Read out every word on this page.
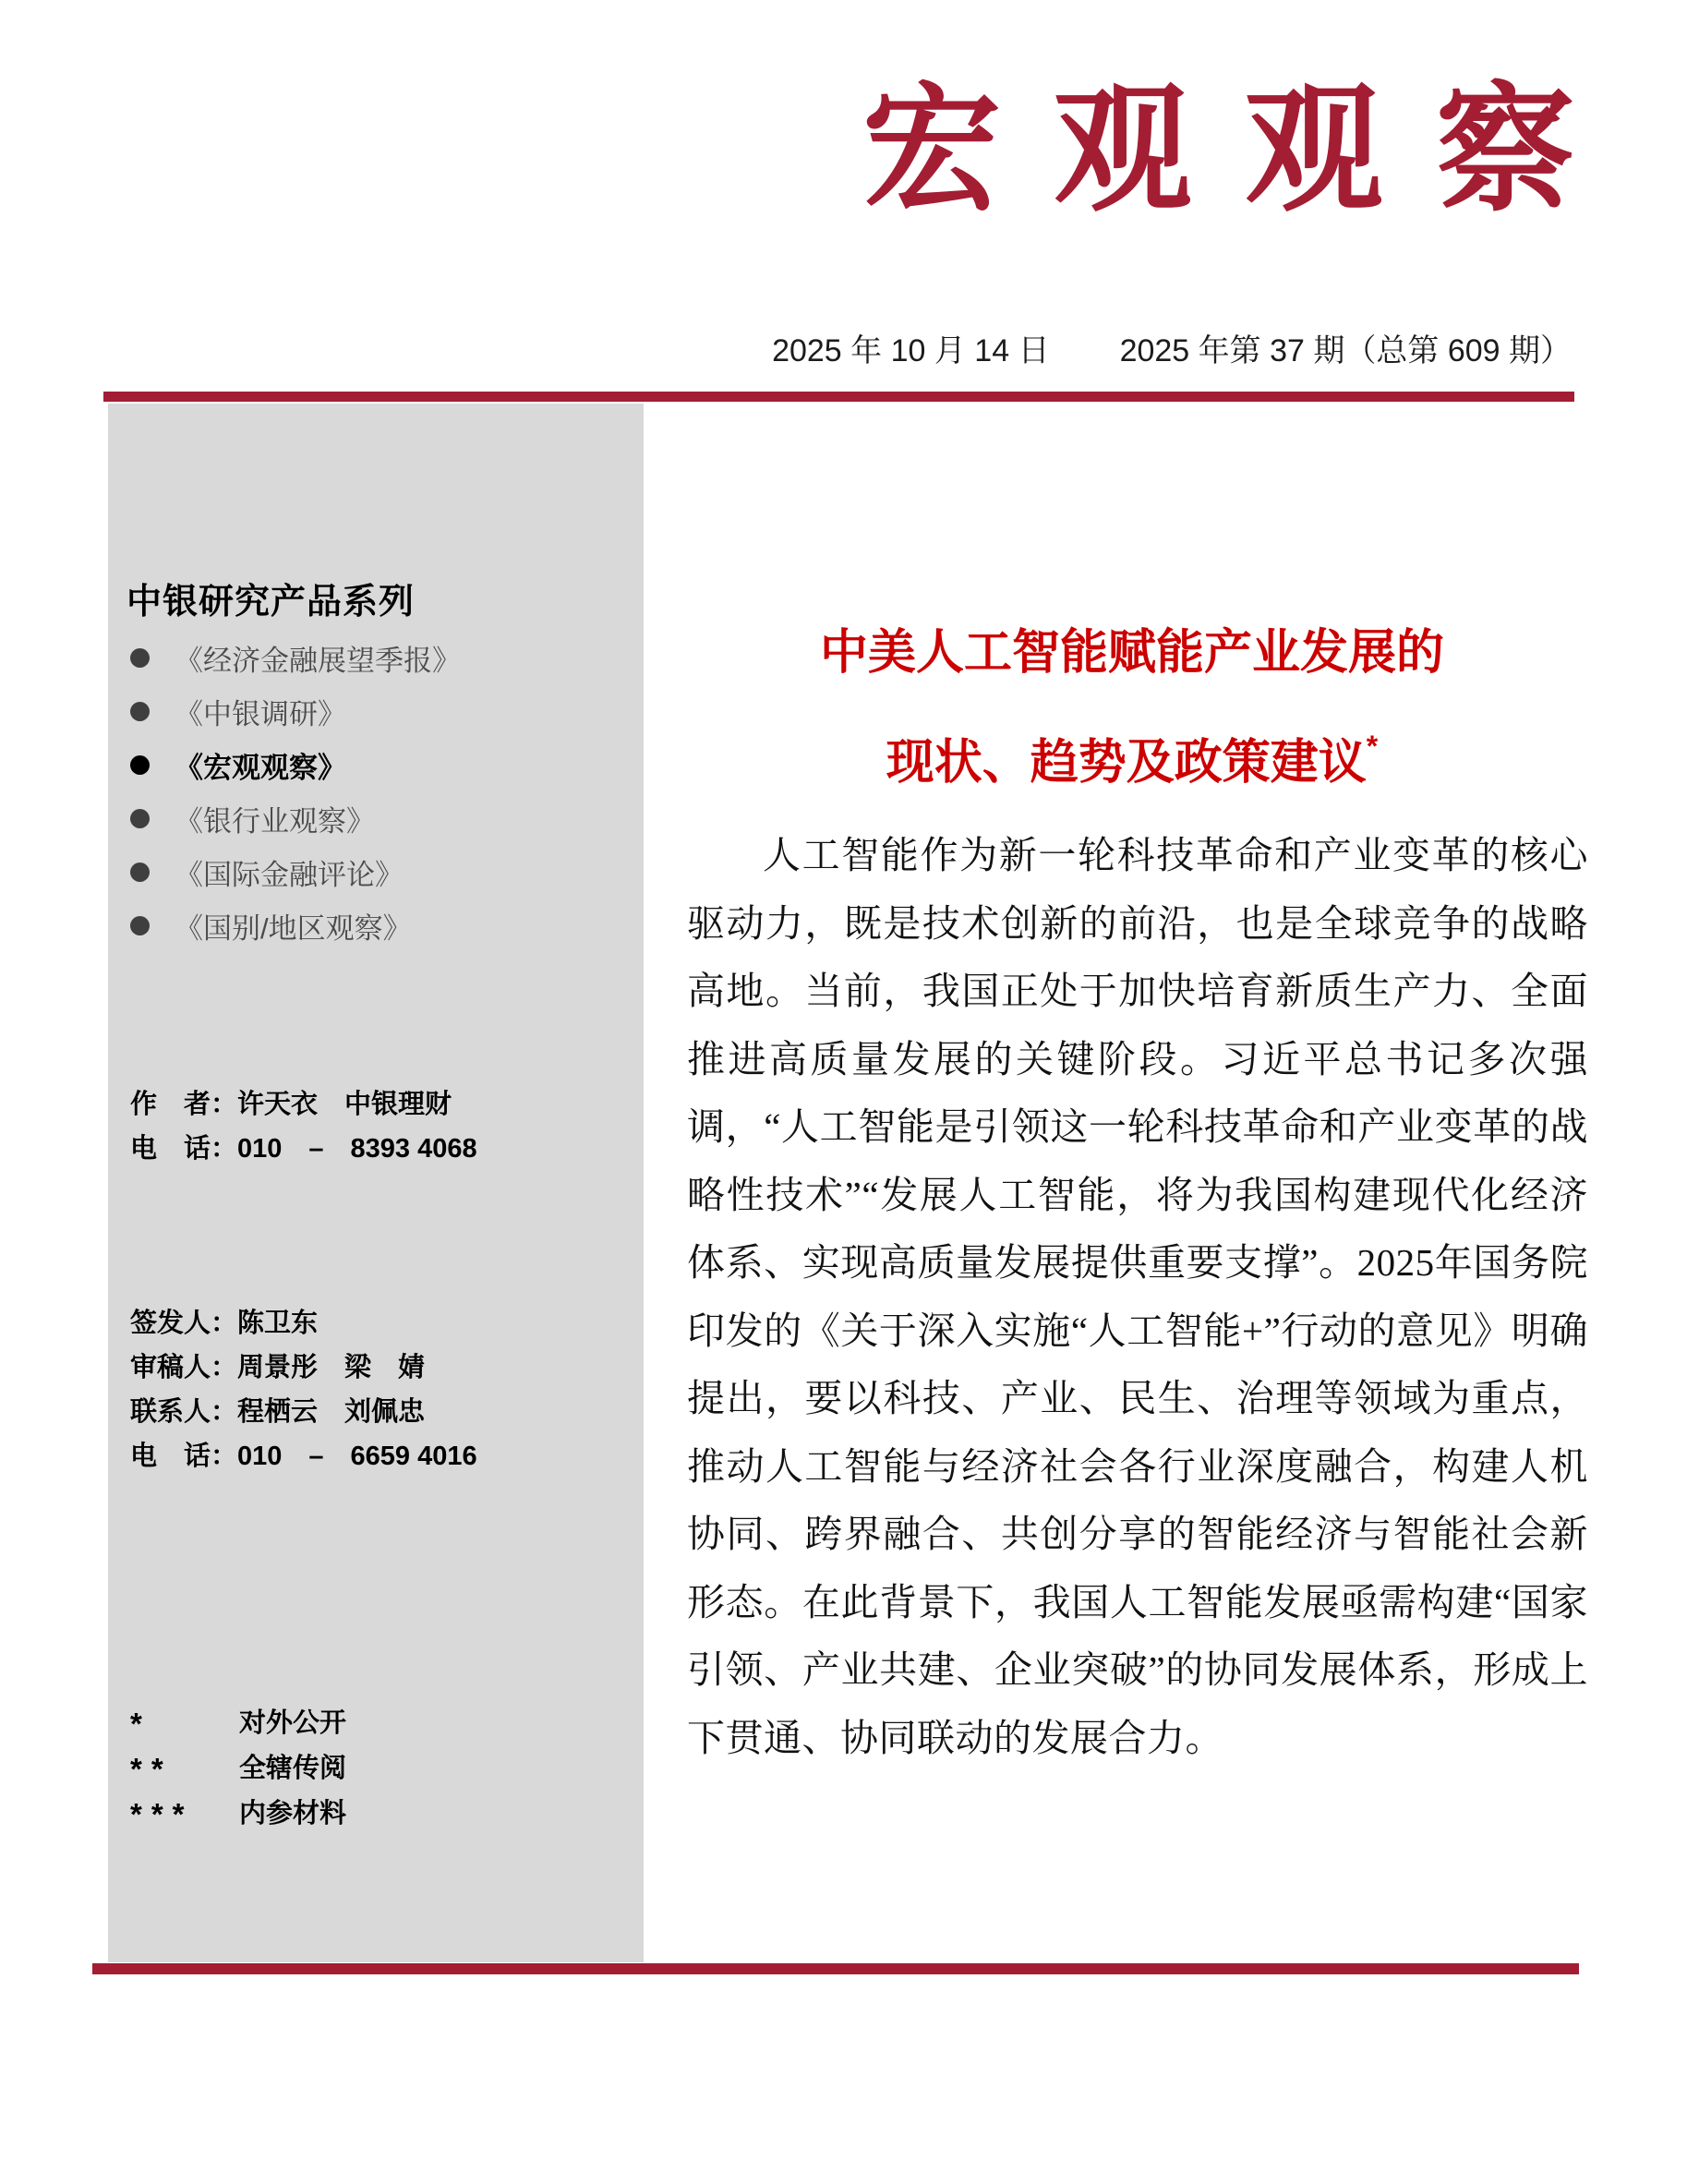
宏观观察
2025 年 10 月 14 日 2025 年第 37 期（总第 609 期）
中银研究产品系列
《经济金融展望季报》
《中银调研》
《宏观观察》
《银行业观察》
《国际金融评论》
《国别/地区观察》
作　者：许天衣　中银理财
电　话：010　–　8393 4068
签发人：陈卫东
审稿人：周景彤　梁　婧
联系人：程栖云　刘佩忠
电　话：010　–　6659 4016
*	对外公开
**	全辖传阅
***	内参材料
中美人工智能赋能产业发展的
现状、趋势及政策建议*
人工智能作为新一轮科技革命和产业变革的核心驱动力，既是技术创新的前沿，也是全球竞争的战略高地。当前，我国正处于加快培育新质生产力、全面推进高质量发展的关键阶段。习近平总书记多次强调，“人工智能是引领这一轮科技革命和产业变革的战略性技术”“发展人工智能，将为我国构建现代化经济体系、实现高质量发展提供重要支撑”。2025年国务院印发的《关于深入实施“人工智能+”行动的意见》明确提出，要以科技、产业、民生、治理等领域为重点，推动人工智能与经济社会各行业深度融合，构建人机协同、跨界融合、共创分享的智能经济与智能社会新形态。在此背景下，我国人工智能发展亟需构建“国家引领、产业共建、企业突破”的协同发展体系，形成上下贯通、协同联动的发展合力。
